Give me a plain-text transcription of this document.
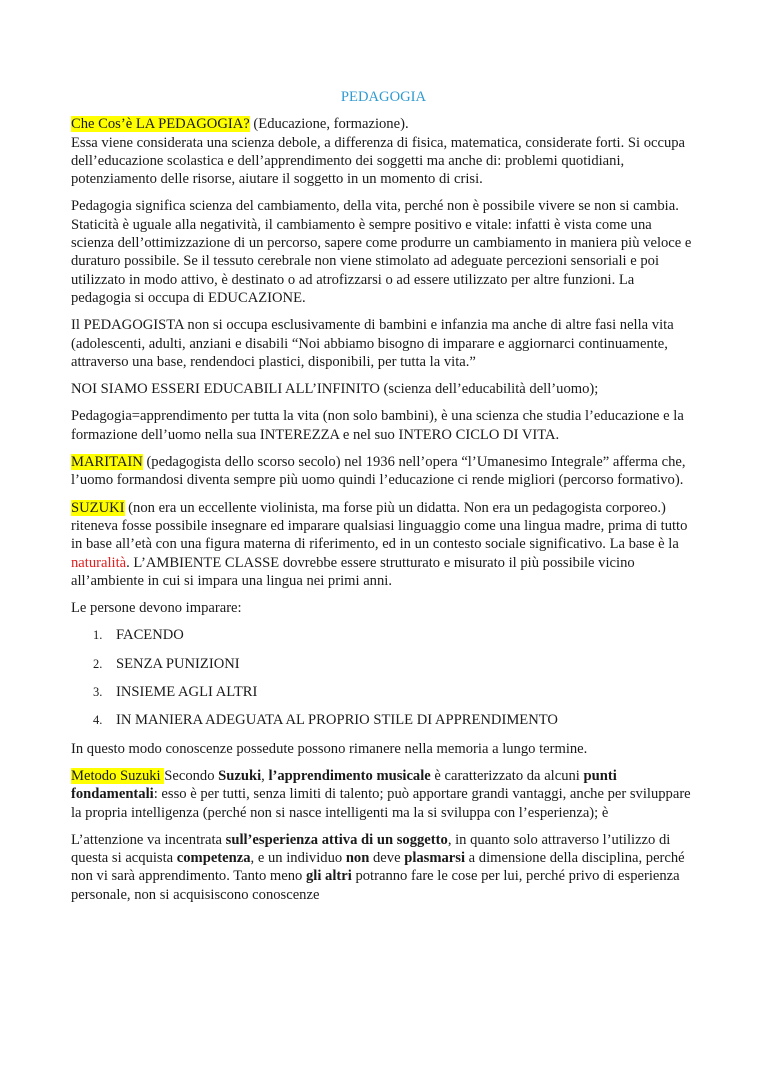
PEDAGOGIA

Che Cos’è LA PEDAGOGIA? (Educazione, formazione).
Essa viene considerata una scienza debole, a differenza di fisica, matematica, considerate forti. Si occupa dell’educazione scolastica e dell’apprendimento dei soggetti ma anche di: problemi quotidiani, potenziamento delle risorse, aiutare il soggetto in un momento di crisi.

Pedagogia significa scienza del cambiamento, della vita, perché non è possibile vivere se non si cambia. Staticità è uguale alla negatività, il cambiamento è sempre positivo e vitale: infatti è vista come una scienza dell’ottimizzazione di un percorso, sapere come produrre un cambiamento in maniera più veloce e duraturo possibile. Se il tessuto cerebrale non viene stimolato ad adeguate percezioni sensoriali e poi utilizzato in modo attivo, è destinato o ad atrofizzarsi o ad essere utilizzato per altre funzioni. La pedagogia si occupa di EDUCAZIONE.

Il PEDAGOGISTA non si occupa esclusivamente di bambini e infanzia ma anche di altre fasi nella vita (adolescenti, adulti, anziani e disabili “Noi abbiamo bisogno di imparare e aggiornarci continuamente, attraverso una base, rendendoci plastici, disponibili, per tutta la vita.”

NOI SIAMO ESSERI EDUCABILI ALL’INFINITO (scienza dell’educabilità dell’uomo);

Pedagogia=apprendimento per tutta la vita (non solo bambini), è una scienza che studia l’educazione e la formazione dell’uomo nella sua INTEREZZA e nel suo INTERO CICLO DI VITA.

MARITAIN (pedagogista dello scorso secolo) nel 1936 nell’opera “l’Umanesimo Integrale” afferma che, l’uomo formandosi diventa sempre più uomo quindi l’educazione ci rende migliori (percorso formativo).

SUZUKI (non era un eccellente violinista, ma forse più un didatta. Non era un pedagogista corporeo.) riteneva fosse possibile insegnare ed imparare qualsiasi linguaggio come una lingua madre, prima di tutto in base all’età con una figura materna di riferimento, ed in un contesto sociale significativo. La base è la naturalità. L’AMBIENTE CLASSE dovrebbe essere strutturato e misurato il più possibile vicino all’ambiente in cui si impara una lingua nei primi anni.

Le persone devono imparare:

1. FACENDO
2. SENZA PUNIZIONI
3. INSIEME AGLI ALTRI
4. IN MANIERA ADEGUATA AL PROPRIO STILE DI APPRENDIMENTO

In questo modo conoscenze possedute possono rimanere nella memoria a lungo termine.

Metodo Suzuki Secondo Suzuki, l’apprendimento musicale è caratterizzato da alcuni punti fondamentali: esso è per tutti, senza limiti di talento; può apportare grandi vantaggi, anche per sviluppare la propria intelligenza (perché non si nasce intelligenti ma la si sviluppa con l’esperienza); è

L’attenzione va incentrata sull’esperienza attiva di un soggetto, in quanto solo attraverso l’utilizzo di questa si acquista competenza, e un individuo non deve plasmarsi a dimensione della disciplina, perché non vi sarà apprendimento. Tanto meno gli altri potranno fare le cose per lui, perché privo di esperienza personale, non si acquisiscono conoscenze
